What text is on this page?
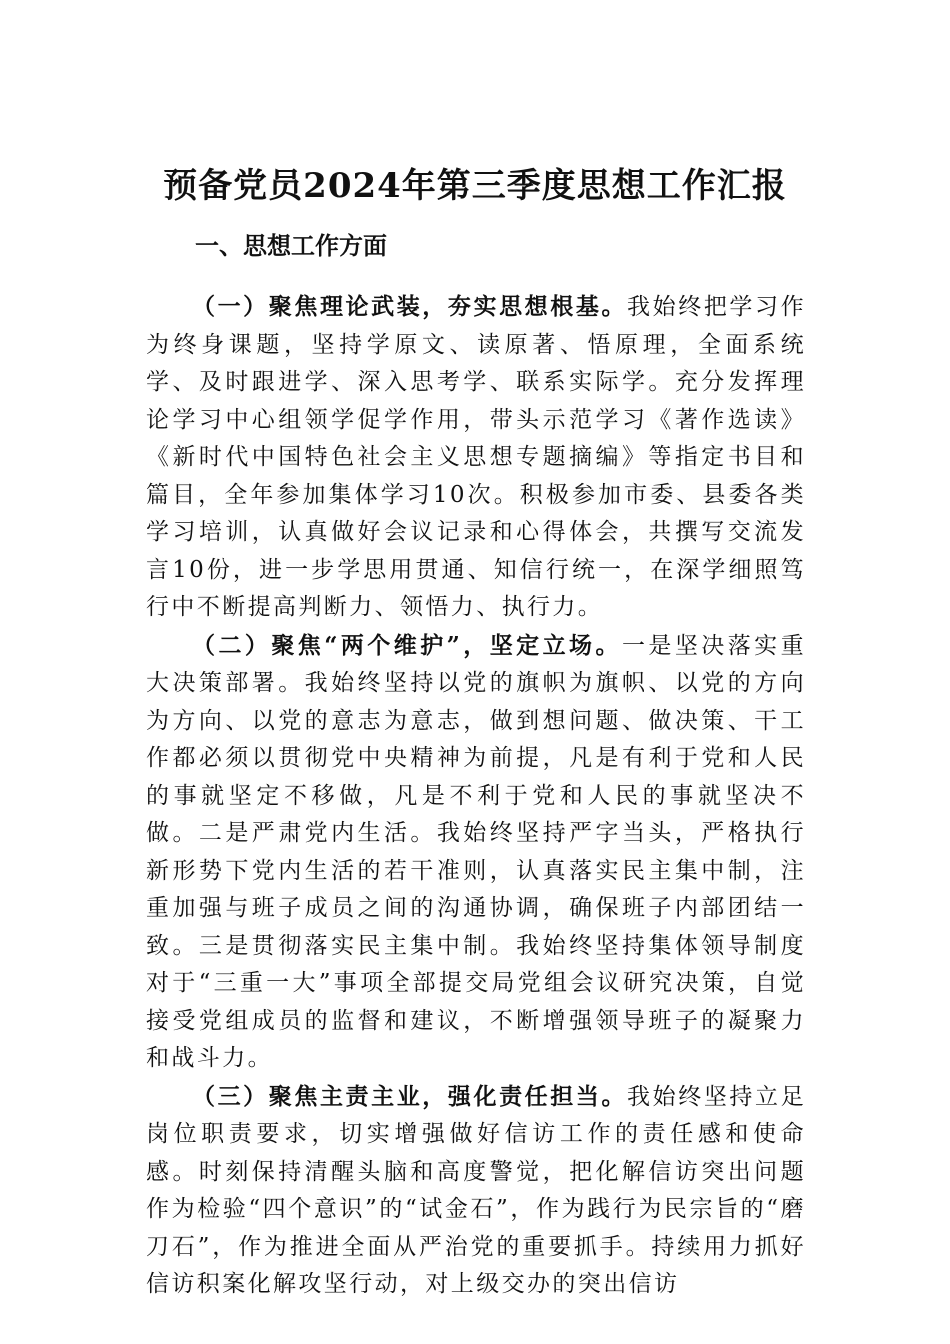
预备党员2024年第三季度思想工作汇报
一、思想工作方面

（一）聚焦理论武装，夯实思想根基。我始终把学习作为终身课题，坚持学原文、读原著、悟原理，全面系统学、及时跟进学、深入思考学、联系实际学。充分发挥理论学习中心组领学促学作用，带头示范学习《著作选读》《新时代中国特色社会主义思想专题摘编》等指定书目和篇目，全年参加集体学习10次。积极参加市委、县委各类学习培训，认真做好会议记录和心得体会，共撰写交流发言10份，进一步学思用贯通、知信行统一，在深学细照笃行中不断提高判断力、领悟力、执行力。

（二）聚焦“两个维护”，坚定立场。一是坚决落实重大决策部署。我始终坚持以党的旗帜为旗帜、以党的方向为方向、以党的意志为意志，做到想问题、做决策、干工作都必须以贯彻党中央精神为前提，凡是有利于党和人民的事就坚定不移做，凡是不利于党和人民的事就坚决不做。二是严肃党内生活。我始终坚持严字当头，严格执行新形势下党内生活的若干准则，认真落实民主集中制，注重加强与班子成员之间的沟通协调，确保班子内部团结一致。三是贯彻落实民主集中制。我始终坚持集体领导制度对于“三重一大”事项全部提交局党组会议研究决策，自觉接受党组成员的监督和建议，不断增强领导班子的凝聚力和战斗力。

（三）聚焦主责主业，强化责任担当。我始终坚持立足岗位职责要求，切实增强做好信访工作的责任感和使命感。时刻保持清醒头脑和高度警觉，把化解信访突出问题作为检验“四个意识”的“试金石”，作为践行为民宗旨的“磨刀石”，作为推进全面从严治党的重要抓手。持续用力抓好信访积案化解攻坚行动，对上级交办的突出信访
